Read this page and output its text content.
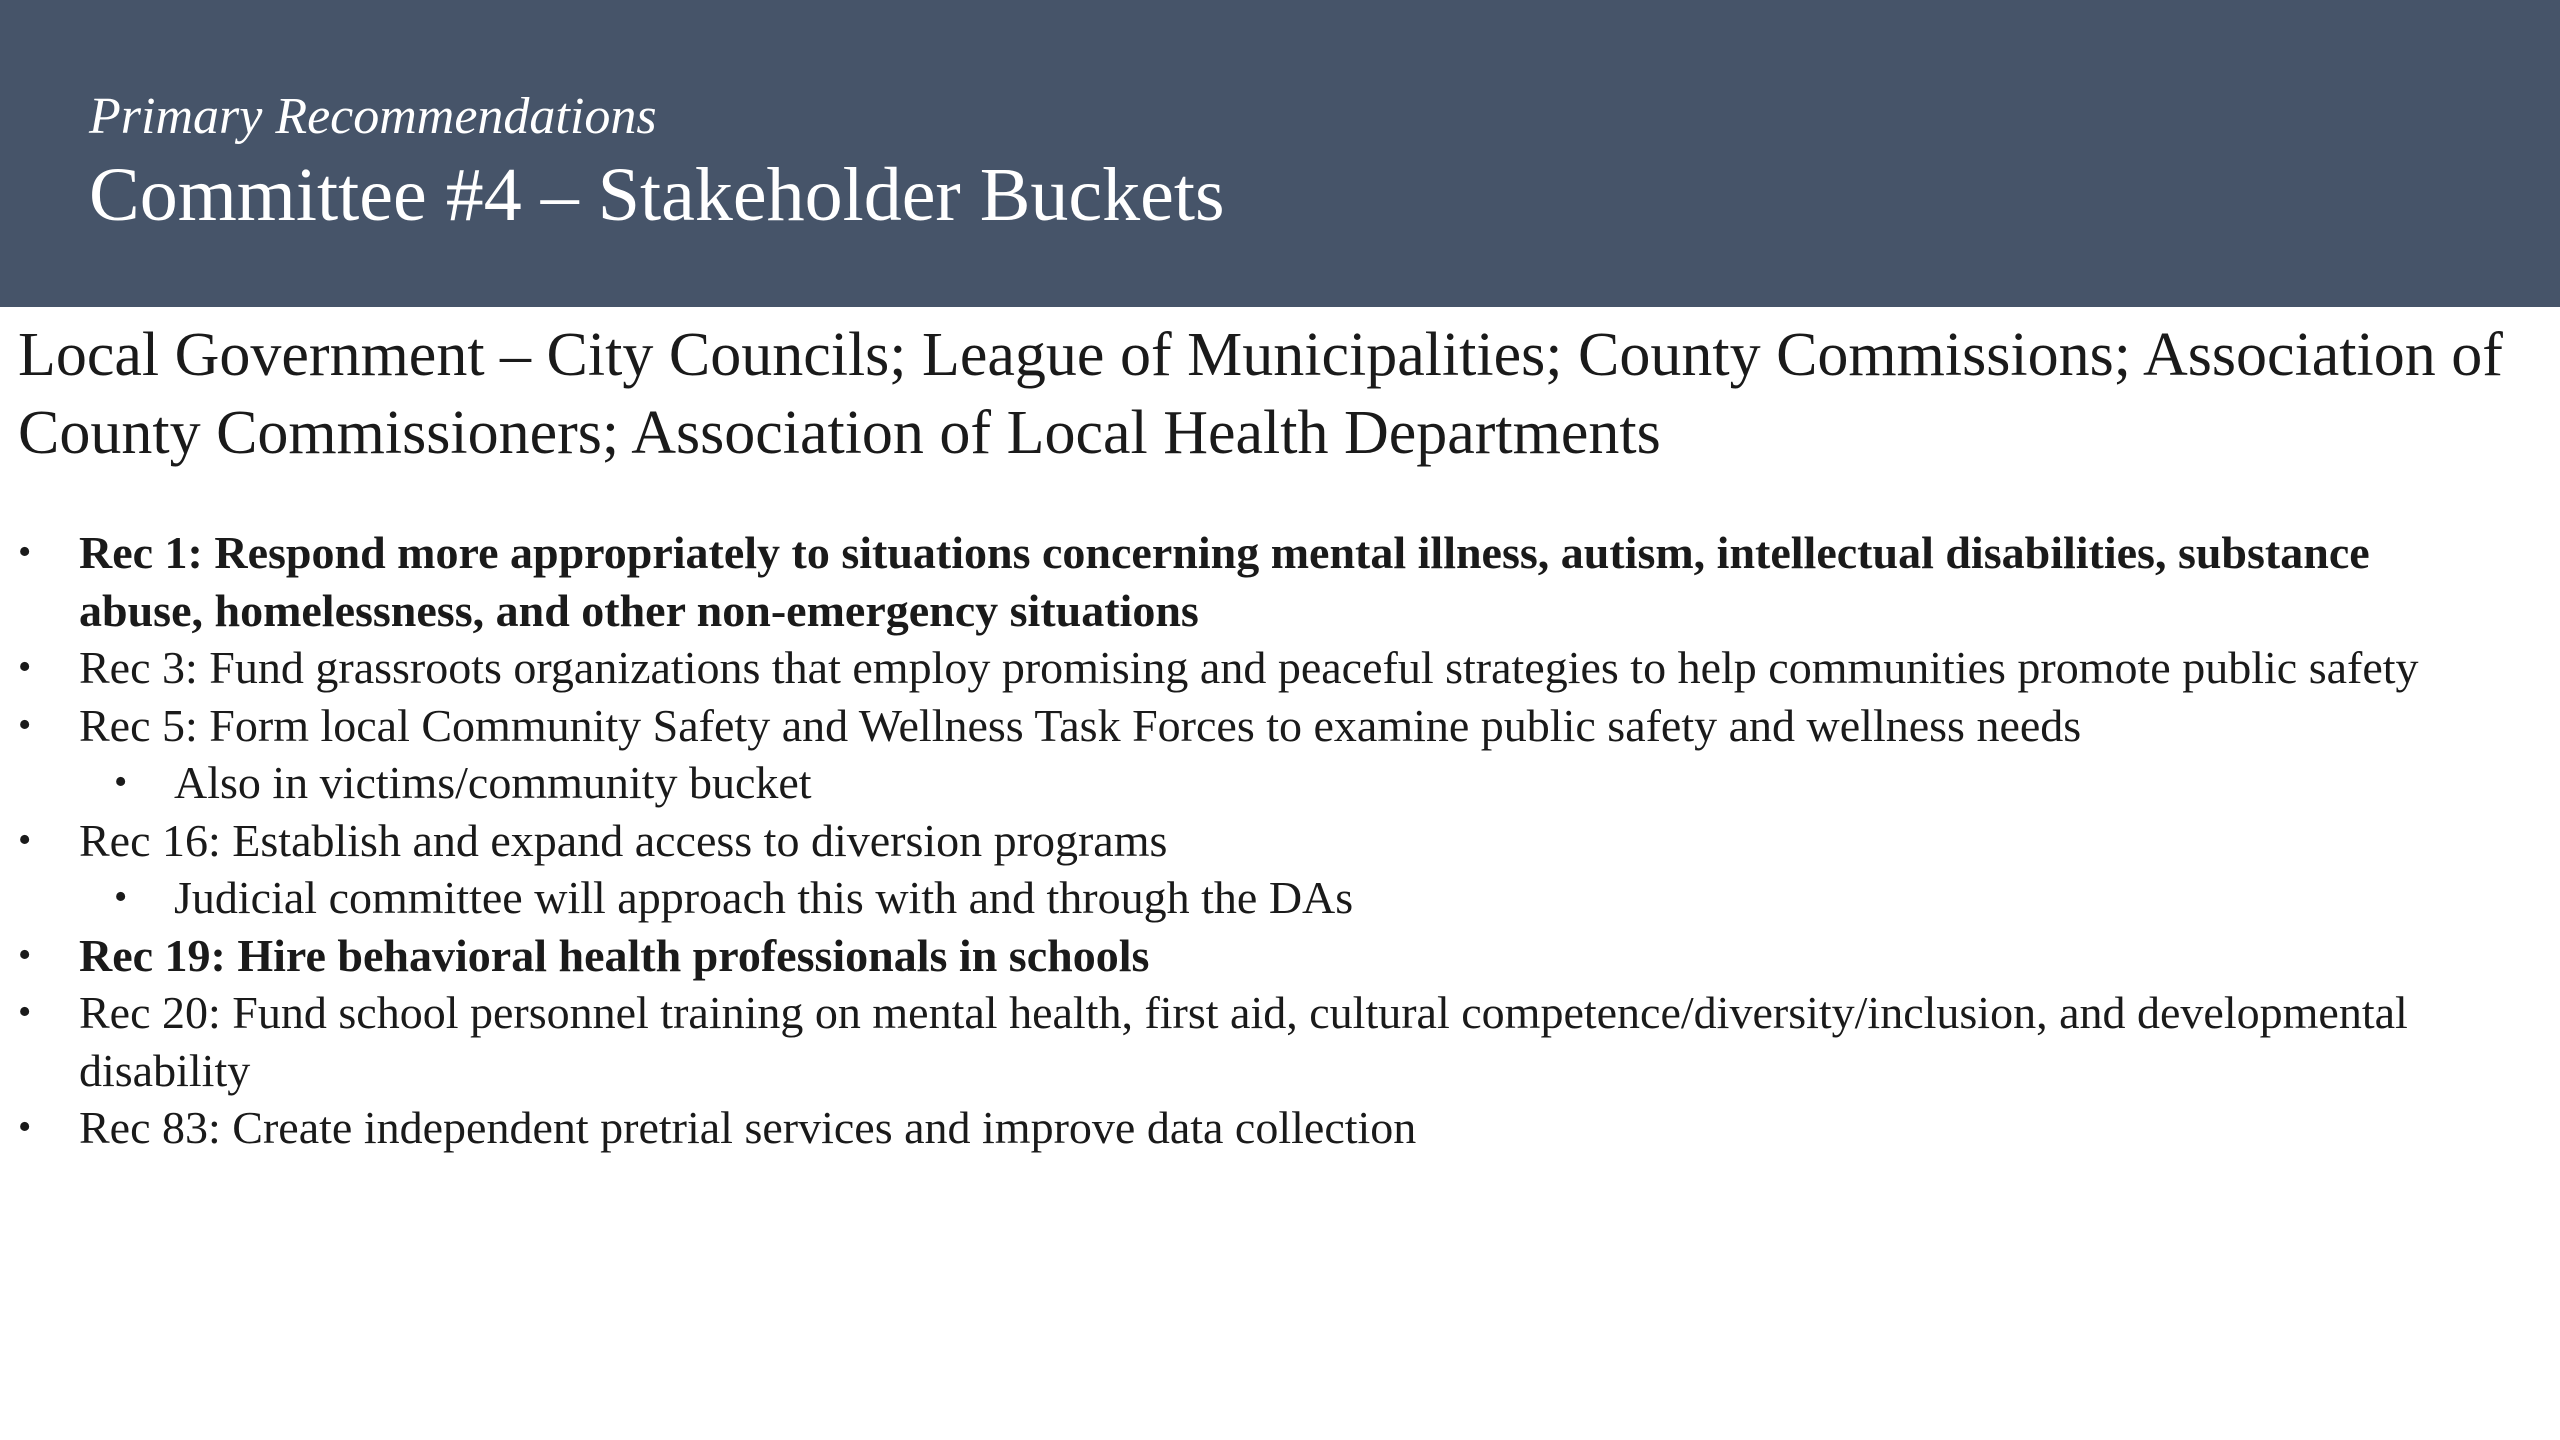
Primary Recommendations
Committee #4 – Stakeholder Buckets
Local Government – City Councils; League of Municipalities; County Commissions; Association of County Commissioners; Association of Local Health Departments
• Rec 1: Respond more appropriately to situations concerning mental illness, autism, intellectual disabilities, substance abuse, homelessness, and other non-emergency situations
• Rec 3: Fund grassroots organizations that employ promising and peaceful strategies to help communities promote public safety
• Rec 5: Form local Community Safety and Wellness Task Forces to examine public safety and wellness needs
• Also in victims/community bucket
• Rec 16: Establish and expand access to diversion programs
• Judicial committee will approach this with and through the DAs
• Rec 19: Hire behavioral health professionals in schools
• Rec 20: Fund school personnel training on mental health, first aid, cultural competence/diversity/inclusion, and developmental disability
• Rec 83: Create independent pretrial services and improve data collection
